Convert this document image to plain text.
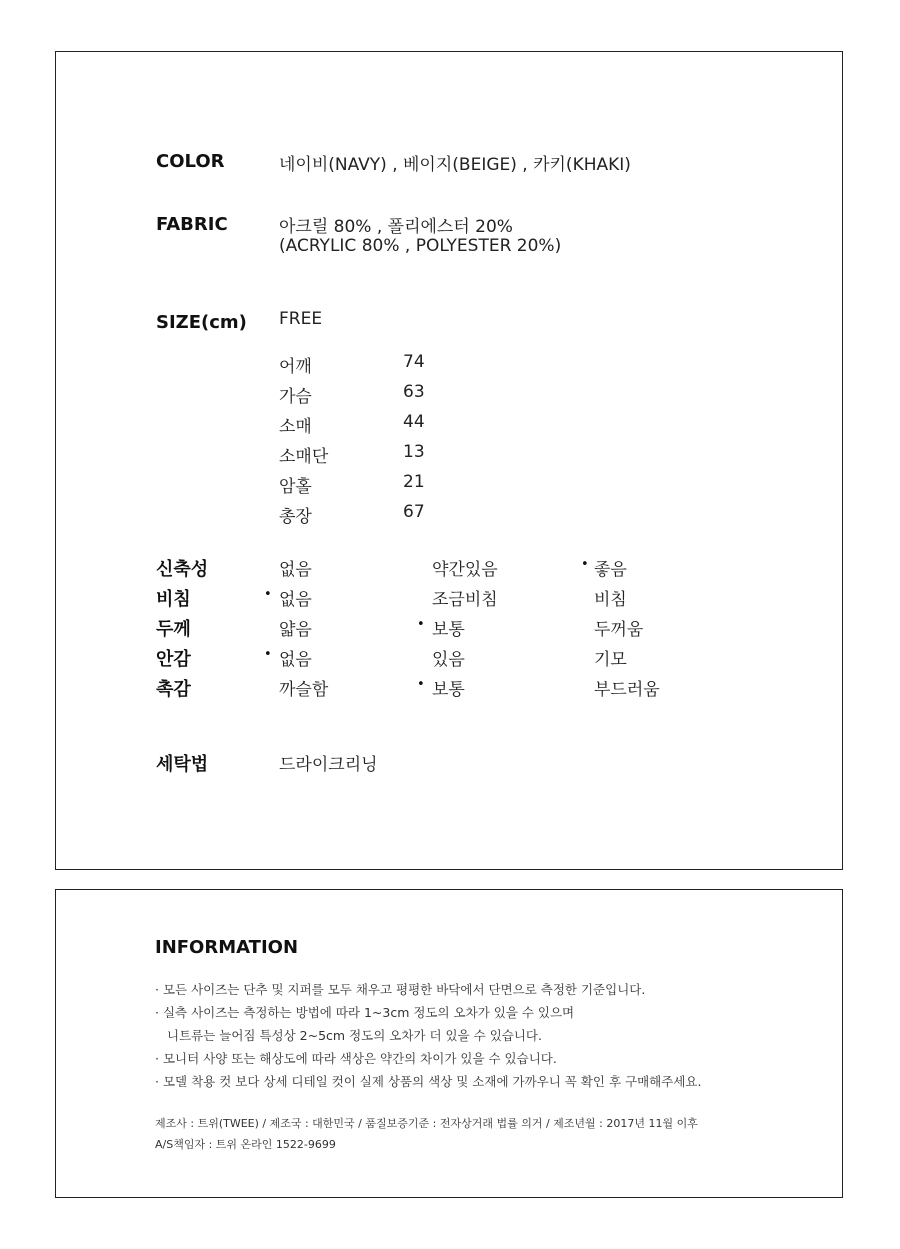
COLOR	네이비(NAVY) , 베이지(BEIGE) , 카키(KHAKI)
FABRIC	아크릴 80% , 폴리에스터 20%
(ACRYLIC 80% , POLYESTER 20%)
SIZE(cm) FREE
어깨	74
가슴	63
소매	44
소매단	13
암홀	21
총장	67
신축성	없음	약간있음	• 좋음
비침	• 없음	조금비침	비침
두께	얇음	• 보통	두꺼움
안감	• 없음	있음	기모
촉감	까슬함	• 보통	부드러움
세탁법	드라이크리닝
INFORMATION
· 모든 사이즈는 단추 및 지퍼를 모두 채우고 평평한 바닥에서 단면으로 측정한 기준입니다.
· 실측 사이즈는 측정하는 방법에 따라 1~3cm 정도의 오차가 있을 수 있으며
니트류는 늘어짐 특성상 2~5cm 정도의 오차가 더 있을 수 있습니다.
· 모니터 사양 또는 해상도에 따라 색상은 약간의 차이가 있을 수 있습니다.
· 모델 착용 컷 보다 상세 디테일 컷이 실제 상품의 색상 및 소재에 가까우니 꼭 확인 후 구매해주세요.
제조사 : 트위(TWEE) / 제조국 : 대한민국 / 품질보증기준 : 전자상거래 법률 의거 / 제조년월 : 2017년 11월 이후
A/S책임자 : 트위 온라인 1522-9699
